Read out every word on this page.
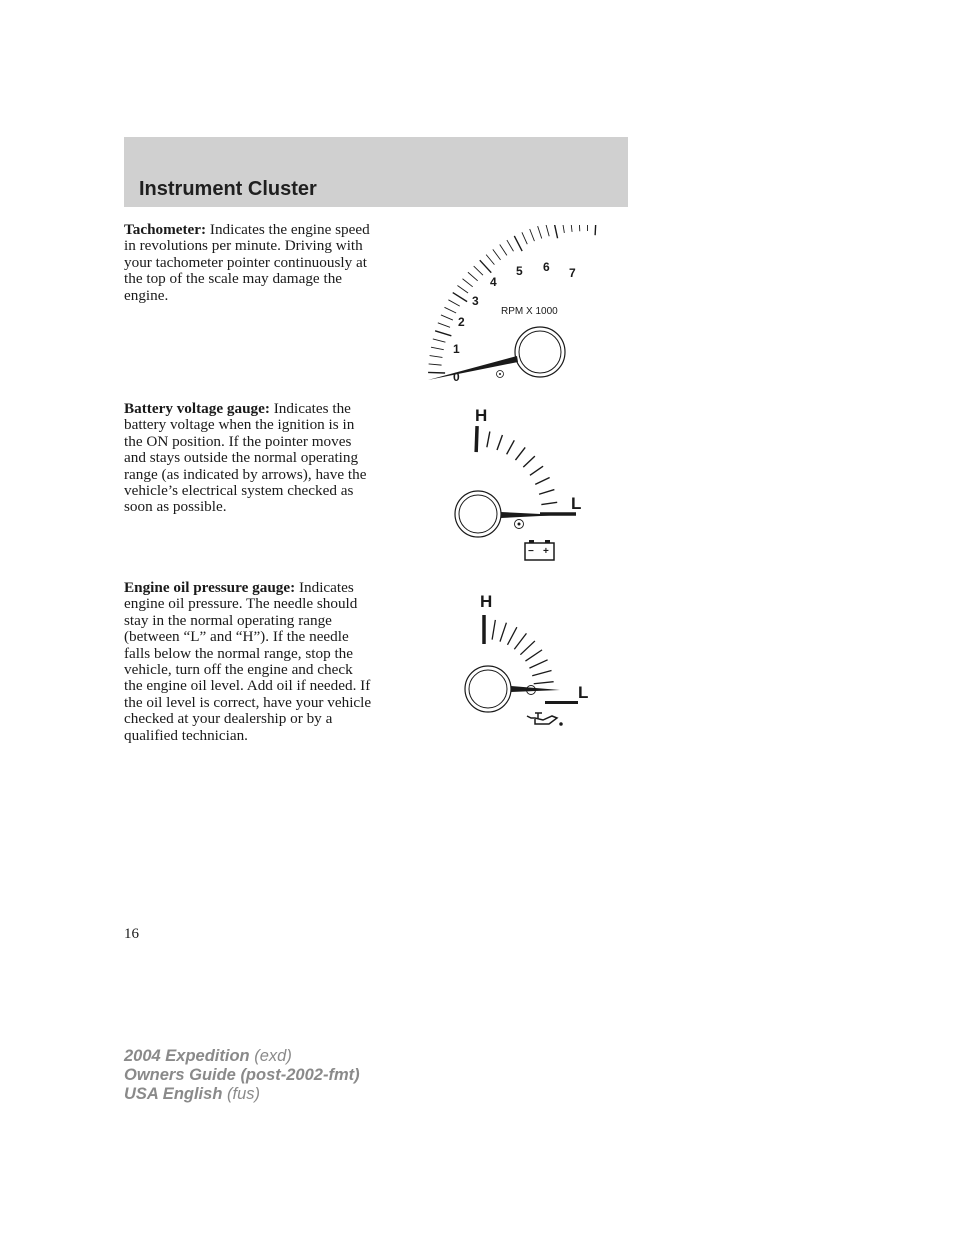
Instrument Cluster

Tachometer: Indicates the engine speed in revolutions per minute. Driving with your tachometer pointer continuously at the top of the scale may damage the engine.

Battery voltage gauge: Indicates the battery voltage when the ignition is in the ON position. If the pointer moves and stays outside the normal operating range (as indicated by arrows), have the vehicle’s electrical system checked as soon as possible.

Engine oil pressure gauge: Indicates engine oil pressure. The needle should stay in the normal operating range (between “L” and “H”). If the needle falls below the normal range, stop the vehicle, turn off the engine and check the engine oil level. Add oil if needed. If the oil level is correct, have your vehicle checked at your dealership or by a qualified technician.

0
1
2
3
4
5 6 7
RPM X 1000
H
L
− +
H
L
16
2004 Expedition (exd)
Owners Guide (post-2002-fmt)
USA English (fus)
